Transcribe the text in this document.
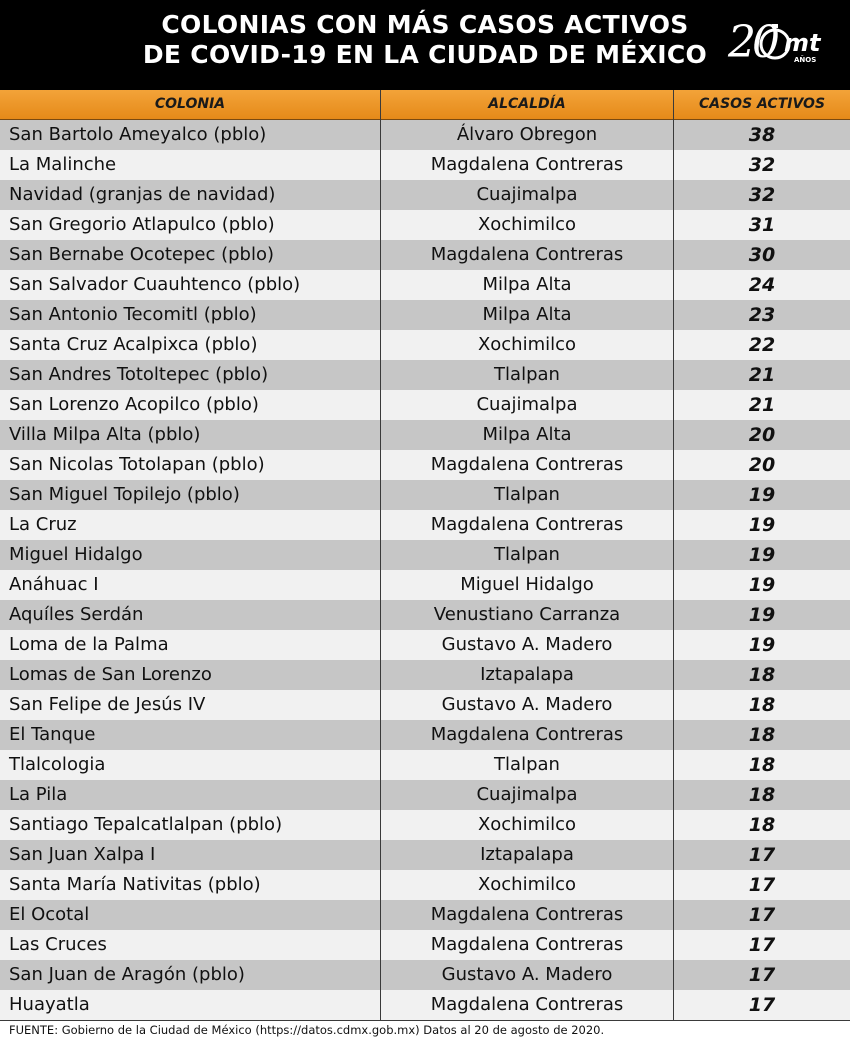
COLONIAS CON MÁS CASOS ACTIVOS
DE COVID-19 EN LA CIUDAD DE MÉXICO 20 mt
AÑOS
COLONIA	ALCALDÍA	CASOS ACTIVOS
San Bartolo Ameyalco (pblo)	Álvaro Obregon	38
La Malinche	Magdalena Contreras	32
Navidad (granjas de navidad)	Cuajimalpa	32
San Gregorio Atlapulco (pblo)	Xochimilco	31
San Bernabe Ocotepec (pblo)	Magdalena Contreras	30
San Salvador Cuauhtenco (pblo)	Milpa Alta	24
San Antonio Tecomitl (pblo)	Milpa Alta	23
Santa Cruz Acalpixca (pblo)	Xochimilco	22
San Andres Totoltepec (pblo)	Tlalpan	21
San Lorenzo Acopilco (pblo)	Cuajimalpa	21
Villa Milpa Alta (pblo)	Milpa Alta	20
San Nicolas Totolapan (pblo)	Magdalena Contreras	20
San Miguel Topilejo (pblo)	Tlalpan	19
La Cruz	Magdalena Contreras	19
Miguel Hidalgo	Tlalpan	19
Anáhuac I	Miguel Hidalgo	19
Aquíles Serdán	Venustiano Carranza	19
Loma de la Palma	Gustavo A. Madero	19
Lomas de San Lorenzo	Iztapalapa	18
San Felipe de Jesús IV	Gustavo A. Madero	18
El Tanque	Magdalena Contreras	18
Tlalcologia	Tlalpan	18
La Pila	Cuajimalpa	18
Santiago Tepalcatlalpan (pblo)	Xochimilco	18
San Juan Xalpa I	Iztapalapa	17
Santa María Nativitas (pblo)	Xochimilco	17
El Ocotal	Magdalena Contreras	17
Las Cruces	Magdalena Contreras	17
San Juan de Aragón (pblo)	Gustavo A. Madero	17
Huayatla	Magdalena Contreras	17
FUENTE: Gobierno de la Ciudad de México (https://datos.cdmx.gob.mx) Datos al 20 de agosto de 2020.
